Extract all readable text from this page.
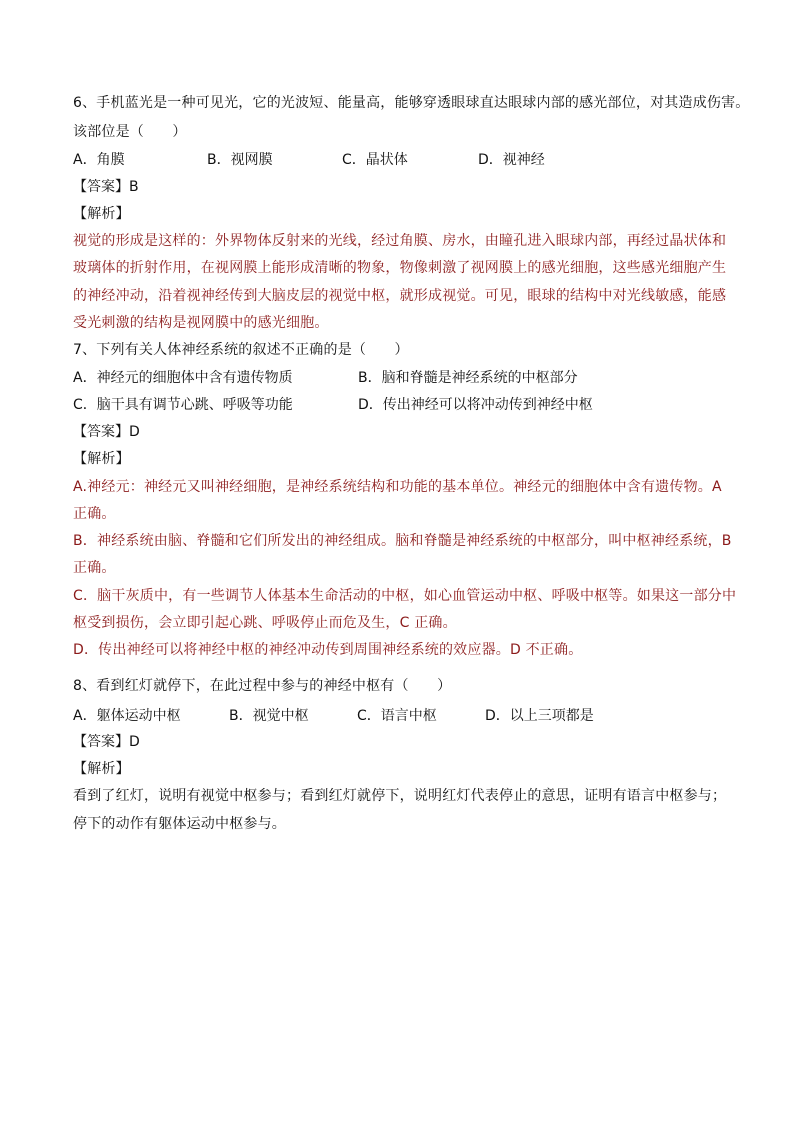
6、手机蓝光是一种可见光，它的光波短、能量高，能够穿透眼球直达眼球内部的感光部位，对其造成伤害。
该部位是（　　）
A．角膜	B．视网膜	C．晶状体	D．视神经
【答案】B
【解析】
视觉的形成是这样的：外界物体反射来的光线，经过角膜、房水，由瞳孔进入眼球内部，再经过晶状体和
玻璃体的折射作用，在视网膜上能形成清晰的物象，物像刺激了视网膜上的感光细胞，这些感光细胞产生
的神经冲动，沿着视神经传到大脑皮层的视觉中枢，就形成视觉。可见，眼球的结构中对光线敏感，能感
受光刺激的结构是视网膜中的感光细胞。
7、下列有关人体神经系统的叙述不正确的是（　　）
A．神经元的细胞体中含有遗传物质	B．脑和脊髓是神经系统的中枢部分
C．脑干具有调节心跳、呼吸等功能	D．传出神经可以将冲动传到神经中枢
【答案】D
【解析】
A.神经元：神经元又叫神经细胞，是神经系统结构和功能的基本单位。神经元的细胞体中含有遗传物。A
正确。
B．神经系统由脑、脊髓和它们所发出的神经组成。脑和脊髓是神经系统的中枢部分，叫中枢神经系统，B
正确。
C．脑干灰质中，有一些调节人体基本生命活动的中枢，如心血管运动中枢、呼吸中枢等。如果这一部分中
枢受到损伤，会立即引起心跳、呼吸停止而危及生，C 正确。
D．传出神经可以将神经中枢的神经冲动传到周围神经系统的效应器。D 不正确。
8、看到红灯就停下，在此过程中参与的神经中枢有（　　）
A．躯体运动中枢	B．视觉中枢	C．语言中枢	D．以上三项都是
【答案】D
【解析】
看到了红灯，说明有视觉中枢参与；看到红灯就停下，说明红灯代表停止的意思，证明有语言中枢参与；
停下的动作有躯体运动中枢参与。
